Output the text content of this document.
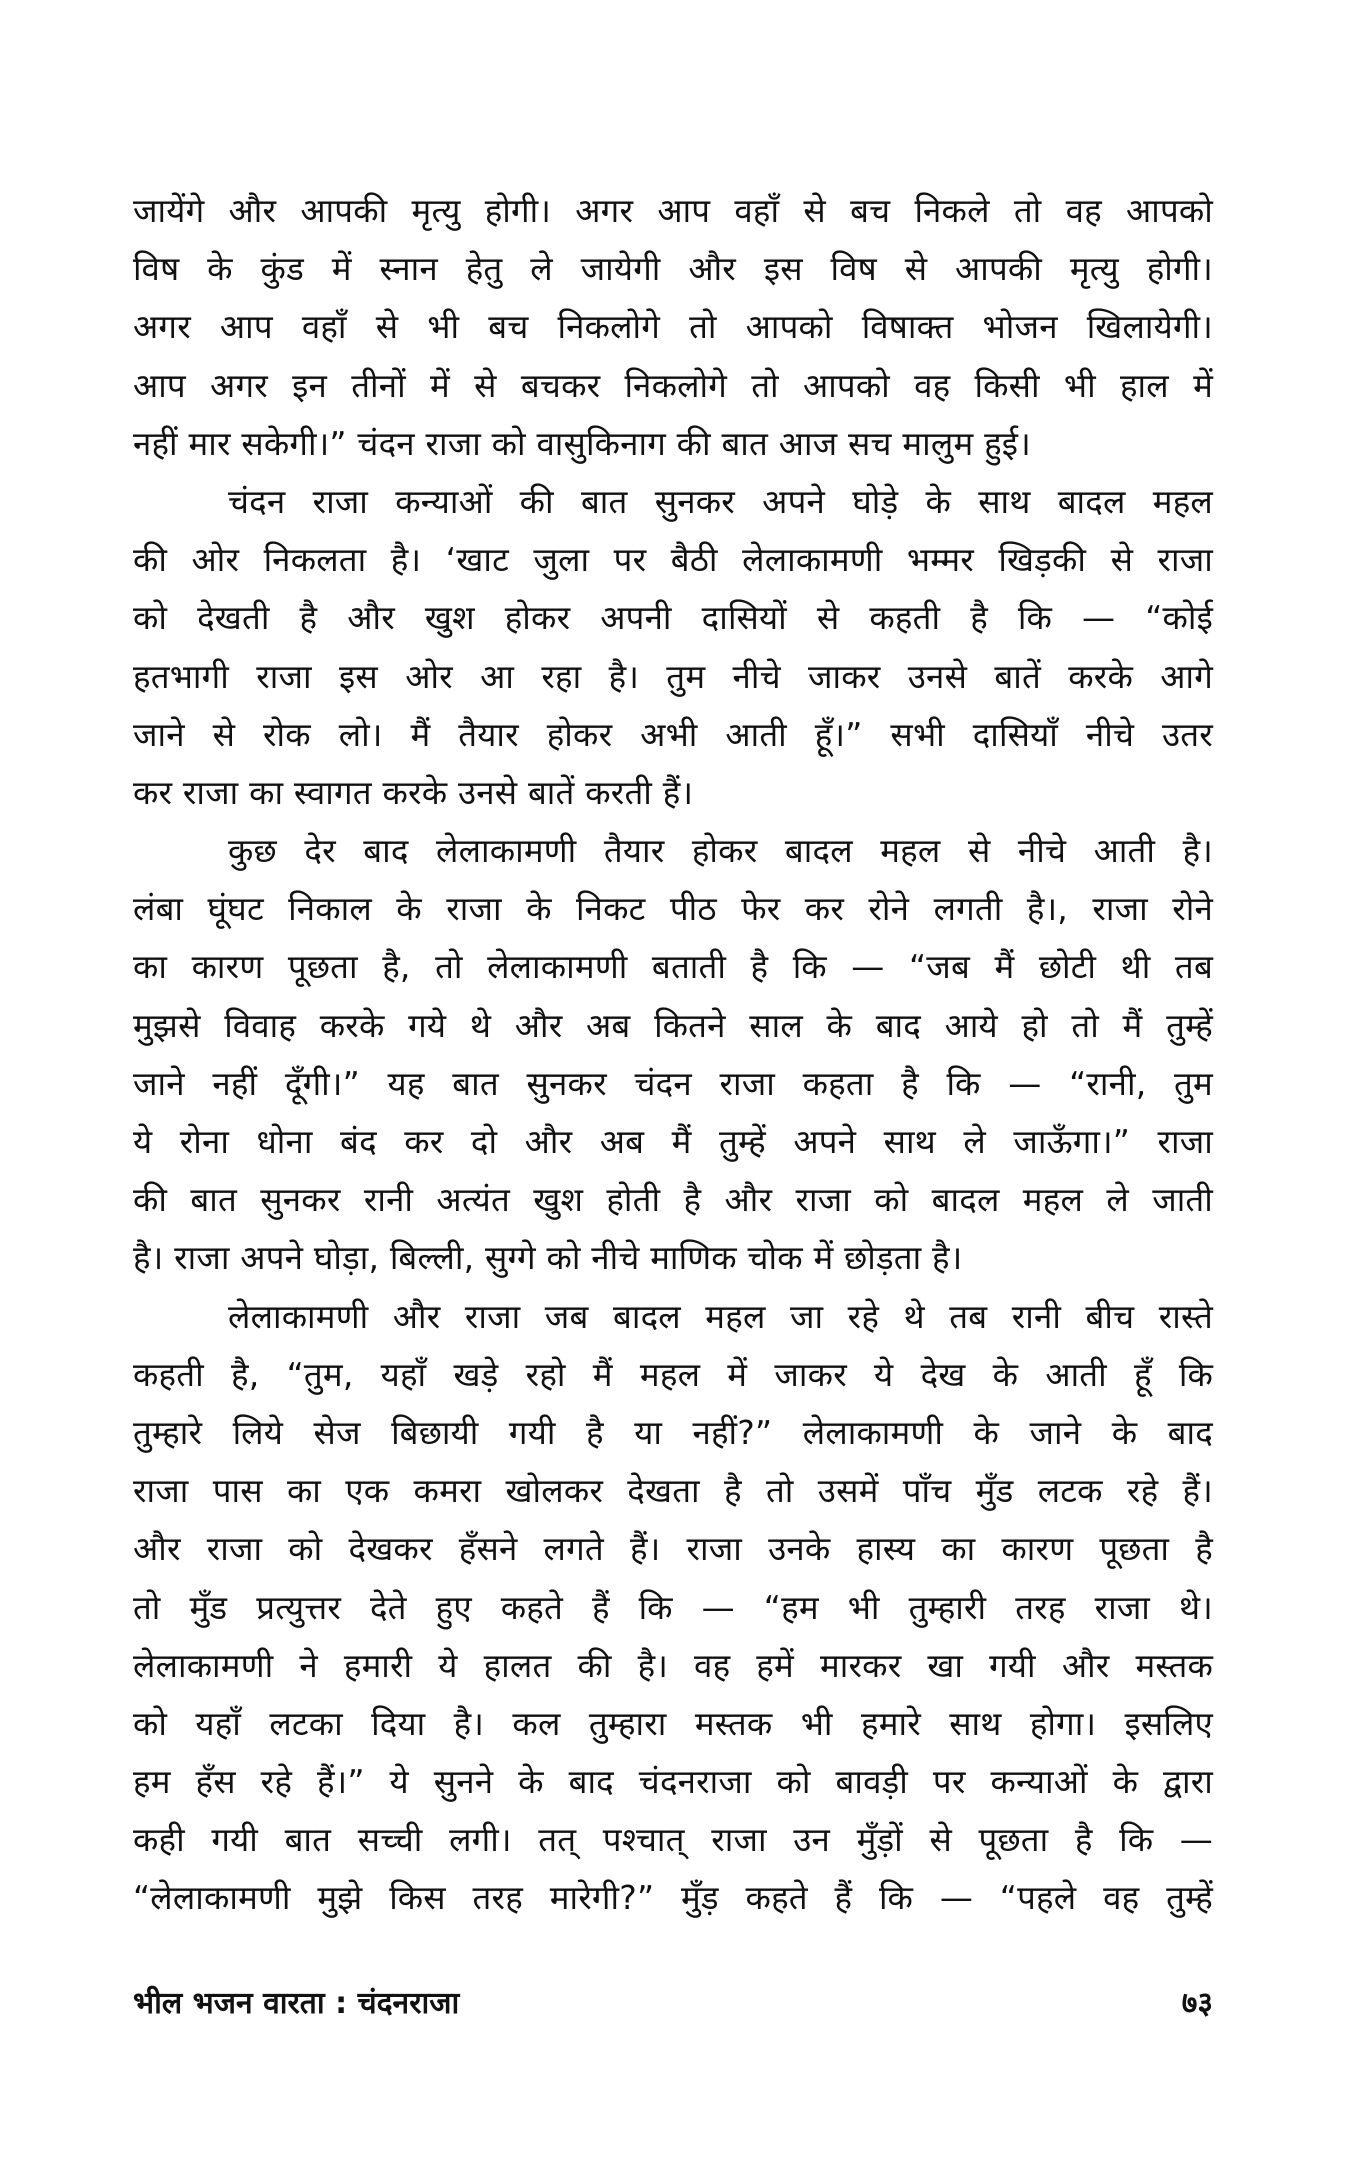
जायेंगे और आपकी मृत्यु होगी। अगर आप वहाँ से बच निकले तो वह आपको
विष के कुंड में स्नान हेतु ले जायेगी और इस विष से आपकी मृत्यु होगी।
अगर आप वहाँ से भी बच निकलोगे तो आपको विषाक्त भोजन खिलायेगी।
आप अगर इन तीनों में से बचकर निकलोगे तो आपको वह किसी भी हाल में
नहीं मार सकेगी।” चंदन राजा को वासुकिनाग की बात आज सच मालुम हुई।
चंदन राजा कन्याओं की बात सुनकर अपने घोड़े के साथ बादल महल
की ओर निकलता है। ‘खाट जुला पर बैठी लेलाकामणी भम्मर खिड़की से राजा
को देखती है और खुश होकर अपनी दासियों से कहती है कि — “कोई
हतभागी राजा इस ओर आ रहा है। तुम नीचे जाकर उनसे बातें करके आगे
जाने से रोक लो। मैं तैयार होकर अभी आती हूँ।” सभी दासियाँ नीचे उतर
कर राजा का स्वागत करके उनसे बातें करती हैं।
कुछ देर बाद लेलाकामणी तैयार होकर बादल महल से नीचे आती है।
लंबा घूंघट निकाल के राजा के निकट पीठ फेर कर रोने लगती है।, राजा रोने
का कारण पूछता है, तो लेलाकामणी बताती है कि — “जब मैं छोटी थी तब
मुझसे विवाह करके गये थे और अब कितने साल के बाद आये हो तो मैं तुम्हें
जाने नहीं दूँगी।” यह बात सुनकर चंदन राजा कहता है कि — “रानी, तुम
ये रोना धोना बंद कर दो और अब मैं तुम्हें अपने साथ ले जाऊँगा।” राजा
की बात सुनकर रानी अत्यंत खुश होती है और राजा को बादल महल ले जाती
है। राजा अपने घोड़ा, बिल्ली, सुग्गे को नीचे माणिक चोक में छोड़ता है।
लेलाकामणी और राजा जब बादल महल जा रहे थे तब रानी बीच रास्ते
कहती है, “तुम, यहाँ खड़े रहो मैं महल में जाकर ये देख के आती हूँ कि
तुम्हारे लिये सेज बिछायी गयी है या नहीं?” लेलाकामणी के जाने के बाद
राजा पास का एक कमरा खोलकर देखता है तो उसमें पाँच मुँड लटक रहे हैं।
और राजा को देखकर हँसने लगते हैं। राजा उनके हास्य का कारण पूछता है
तो मुँड प्रत्युत्तर देते हुए कहते हैं कि — “हम भी तुम्हारी तरह राजा थे।
लेलाकामणी ने हमारी ये हालत की है। वह हमें मारकर खा गयी और मस्तक
को यहाँ लटका दिया है। कल तुम्हारा मस्तक भी हमारे साथ होगा। इसलिए
हम हँस रहे हैं।” ये सुनने के बाद चंदनराजा को बावड़ी पर कन्याओं के द्वारा
कही गयी बात सच्ची लगी। तत् पश्चात् राजा उन मुँड़ों से पूछता है कि —
“लेलाकामणी मुझे किस तरह मारेगी?” मुँड़ कहते हैं कि — “पहले वह तुम्हें
भील भजन वारता : चंदनराजा	७३
